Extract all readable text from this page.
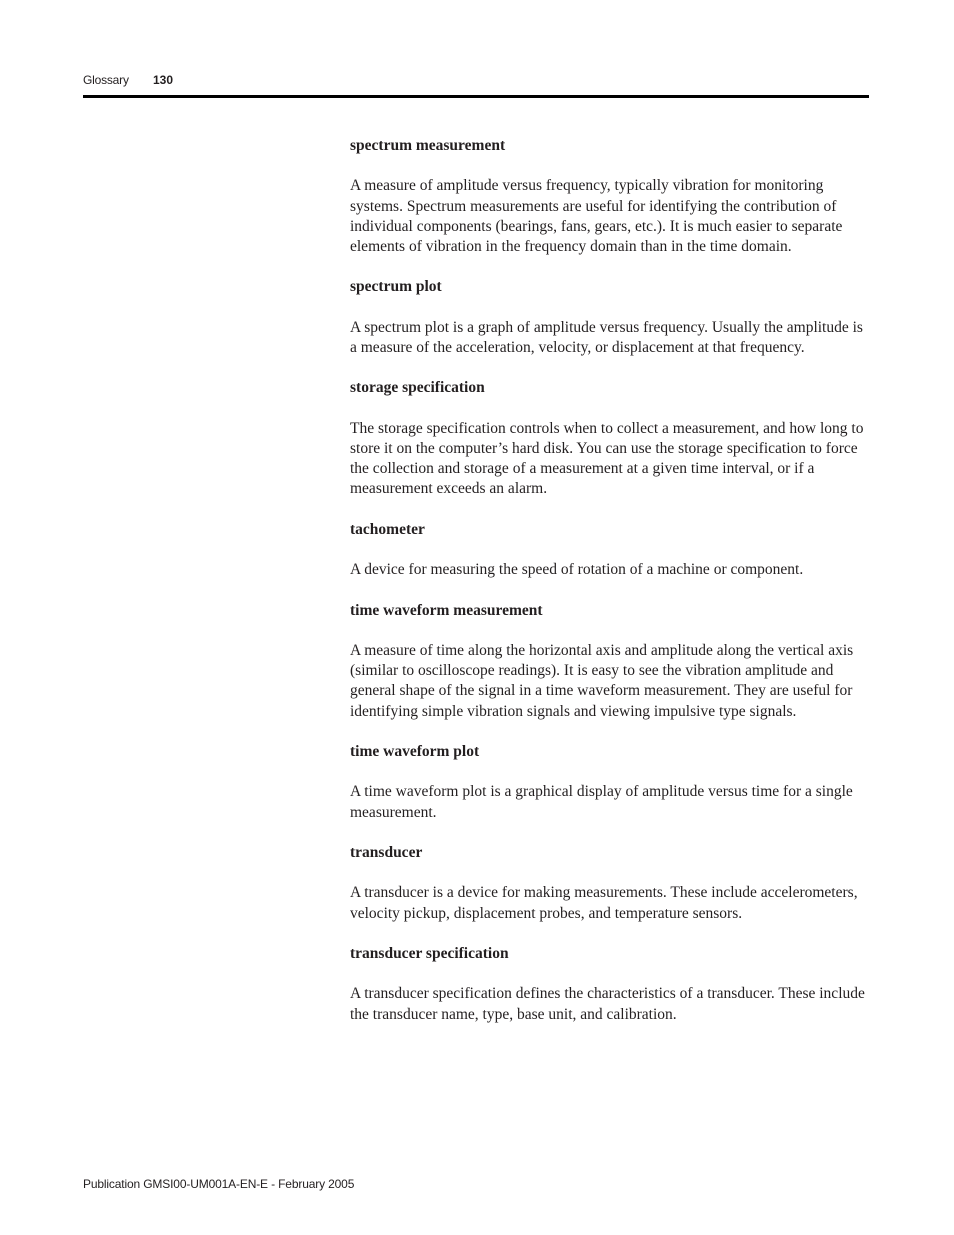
Glossary 130

spectrum measurement

A measure of amplitude versus frequency, typically vibration for monitoring systems. Spectrum measurements are useful for identifying the contribution of individual components (bearings, fans, gears, etc.). It is much easier to separate elements of vibration in the frequency domain than in the time domain.

spectrum plot

A spectrum plot is a graph of amplitude versus frequency. Usually the amplitude is a measure of the acceleration, velocity, or displacement at that frequency.

storage specification

The storage specification controls when to collect a measurement, and how long to store it on the computer’s hard disk. You can use the storage specification to force the collection and storage of a measurement at a given time interval, or if a measurement exceeds an alarm.

tachometer

A device for measuring the speed of rotation of a machine or component.

time waveform measurement

A measure of time along the horizontal axis and amplitude along the vertical axis (similar to oscilloscope readings). It is easy to see the vibration amplitude and general shape of the signal in a time waveform measurement. They are useful for identifying simple vibration signals and viewing impulsive type signals.

time waveform plot

A time waveform plot is a graphical display of amplitude versus time for a single measurement.

transducer

A transducer is a device for making measurements. These include accelerometers, velocity pickup, displacement probes, and temperature sensors.

transducer specification

A transducer specification defines the characteristics of a transducer. These include the transducer name, type, base unit, and calibration.

Publication GMSI00-UM001A-EN-E - February 2005
